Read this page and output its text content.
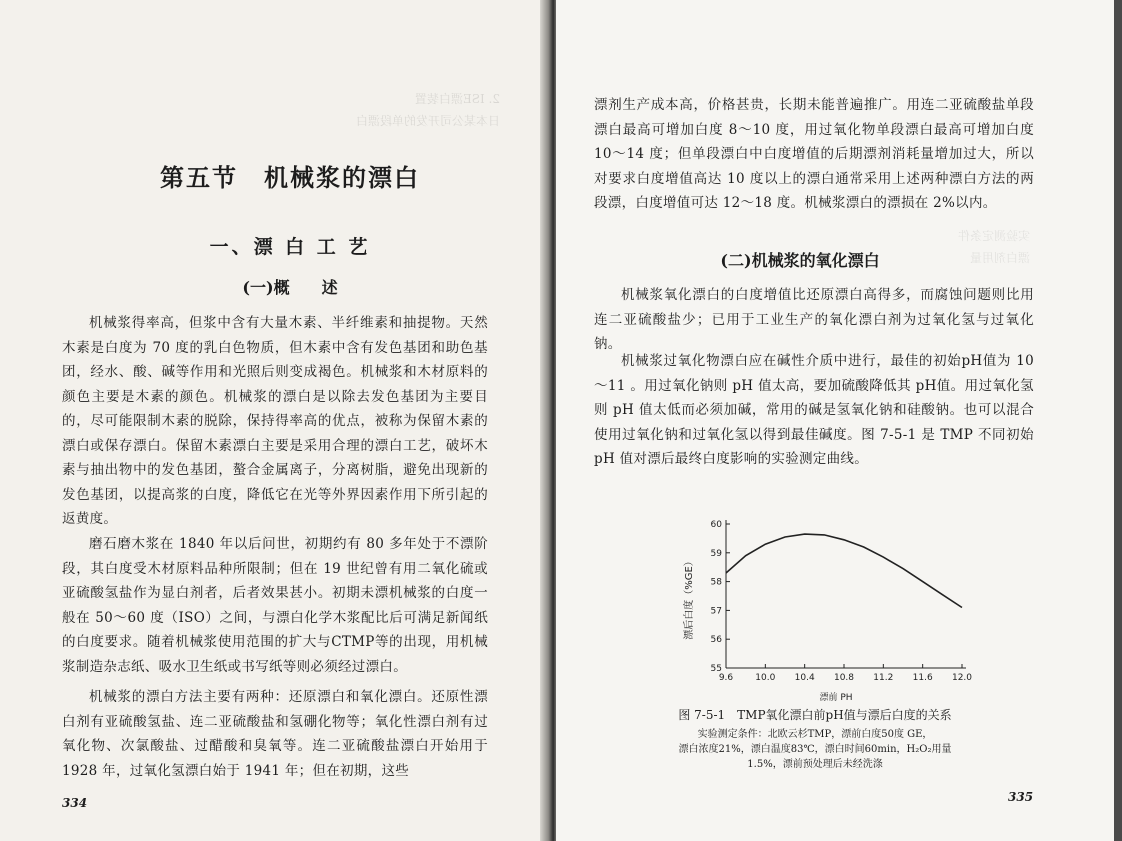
2. ISE漂白装置
日本某公司开发的单段漂白

第五节　机械浆的漂白

一、漂 白 工 艺

(一)概　　述

机械浆得率高，但浆中含有大量木素、半纤维素和抽提物。天然木素是白度为 70 度的乳白色物质，但木素中含有发色基团和助色基团，经水、酸、碱等作用和光照后则变成褐色。机械浆和木材原料的颜色主要是木素的颜色。机械浆的漂白是以除去发色基团为主要目的，尽可能限制木素的脱除，保持得率高的优点，被称为保留木素的漂白或保存漂白。保留木素漂白主要是采用合理的漂白工艺，破坏木素与抽出物中的发色基团，螯合金属离子，分离树脂，避免出现新的发色基团，以提高浆的白度，降低它在光等外界因素作用下所引起的返黄度。

磨石磨木浆在 1840 年以后问世，初期约有 80 多年处于不漂阶段，其白度受木材原料品种所限制；但在 19 世纪曾有用二氧化硫或亚硫酸氢盐作为显白剂者，后者效果甚小。初期未漂机械浆的白度一般在 50～60 度（ISO）之间，与漂白化学木浆配比后可满足新闻纸的白度要求。随着机械浆使用范围的扩大与CTMP等的出现，用机械浆制造杂志纸、吸水卫生纸或书写纸等则必须经过漂白。

机械浆的漂白方法主要有两种：还原漂白和氧化漂白。还原性漂白剂有亚硫酸氢盐、连二亚硫酸盐和氢硼化物等；氧化性漂白剂有过氧化物、次氯酸盐、过醋酸和臭氧等。连二亚硫酸盐漂白开始用于 1928 年，过氧化氢漂白始于 1941 年；但在初期，这些

334

实验测定条件
漂白剂用量

漂剂生产成本高，价格甚贵，长期未能普遍推广。用连二亚硫酸盐单段漂白最高可增加白度 8～10 度，用过氧化物单段漂白最高可增加白度 10～14 度；但单段漂白中白度增值的后期漂剂消耗量增加过大，所以对要求白度增值高达 10 度以上的漂白通常采用上述两种漂白方法的两段漂，白度增值可达 12～18 度。机械浆漂白的漂损在 2%以内。

(二)机械浆的氧化漂白

机械浆氧化漂白的白度增值比还原漂白高得多，而腐蚀问题则比用连二亚硫酸盐少；已用于工业生产的氧化漂白剂为过氧化氢与过氧化钠。

机械浆过氧化物漂白应在碱性介质中进行，最佳的初始pH值为 10～11 。用过氧化钠则 pH 值太高，要加硫酸降低其 pH值。用过氧化氢则 pH 值太低而必须加碱，常用的碱是氢氧化钠和硅酸钠。也可以混合使用过氧化钠和过氧化氢以得到最佳碱度。图 7-5-1 是 TMP 不同初始 pH 值对漂后最终白度影响的实验测定曲线。

55
56
57
58
59
60
9.6 10.0 10.4 10.8 11.2 11.6 12.0
漂后白度（%GE）
漂前 PH

图 7-5-1　TMP氧化漂白前pH值与漂后白度的关系

实验测定条件：北欧云杉TMP，漂前白度50度 GE，

漂白浓度21%，漂白温度83℃，漂白时间60min，H₂O₂用量

1.5%，漂前预处理后未经洗涤

335
